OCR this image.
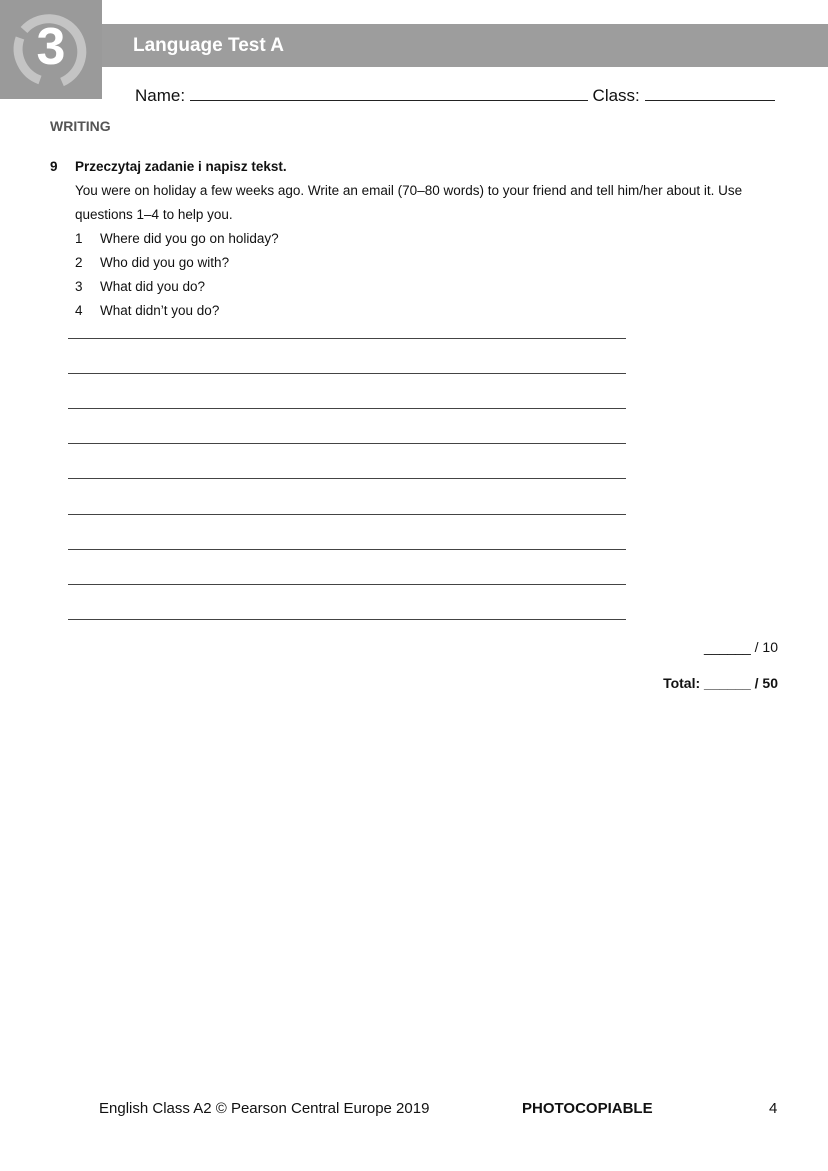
3	Language Test A
Name:	Class:
WRITING
9 Przeczytaj zadanie i napisz tekst.
You were on holiday a few weeks ago. Write an email (70–80 words) to your friend and tell him/her about it. Use questions 1–4 to help you.
1 Where did you go on holiday?
2 Who did you go with?
3 What did you do?
4 What didn’t you do?
______ / 10
Total: ______ / 50
English Class A2 © Pearson Central Europe 2019	PHOTOCOPIABLE	4
